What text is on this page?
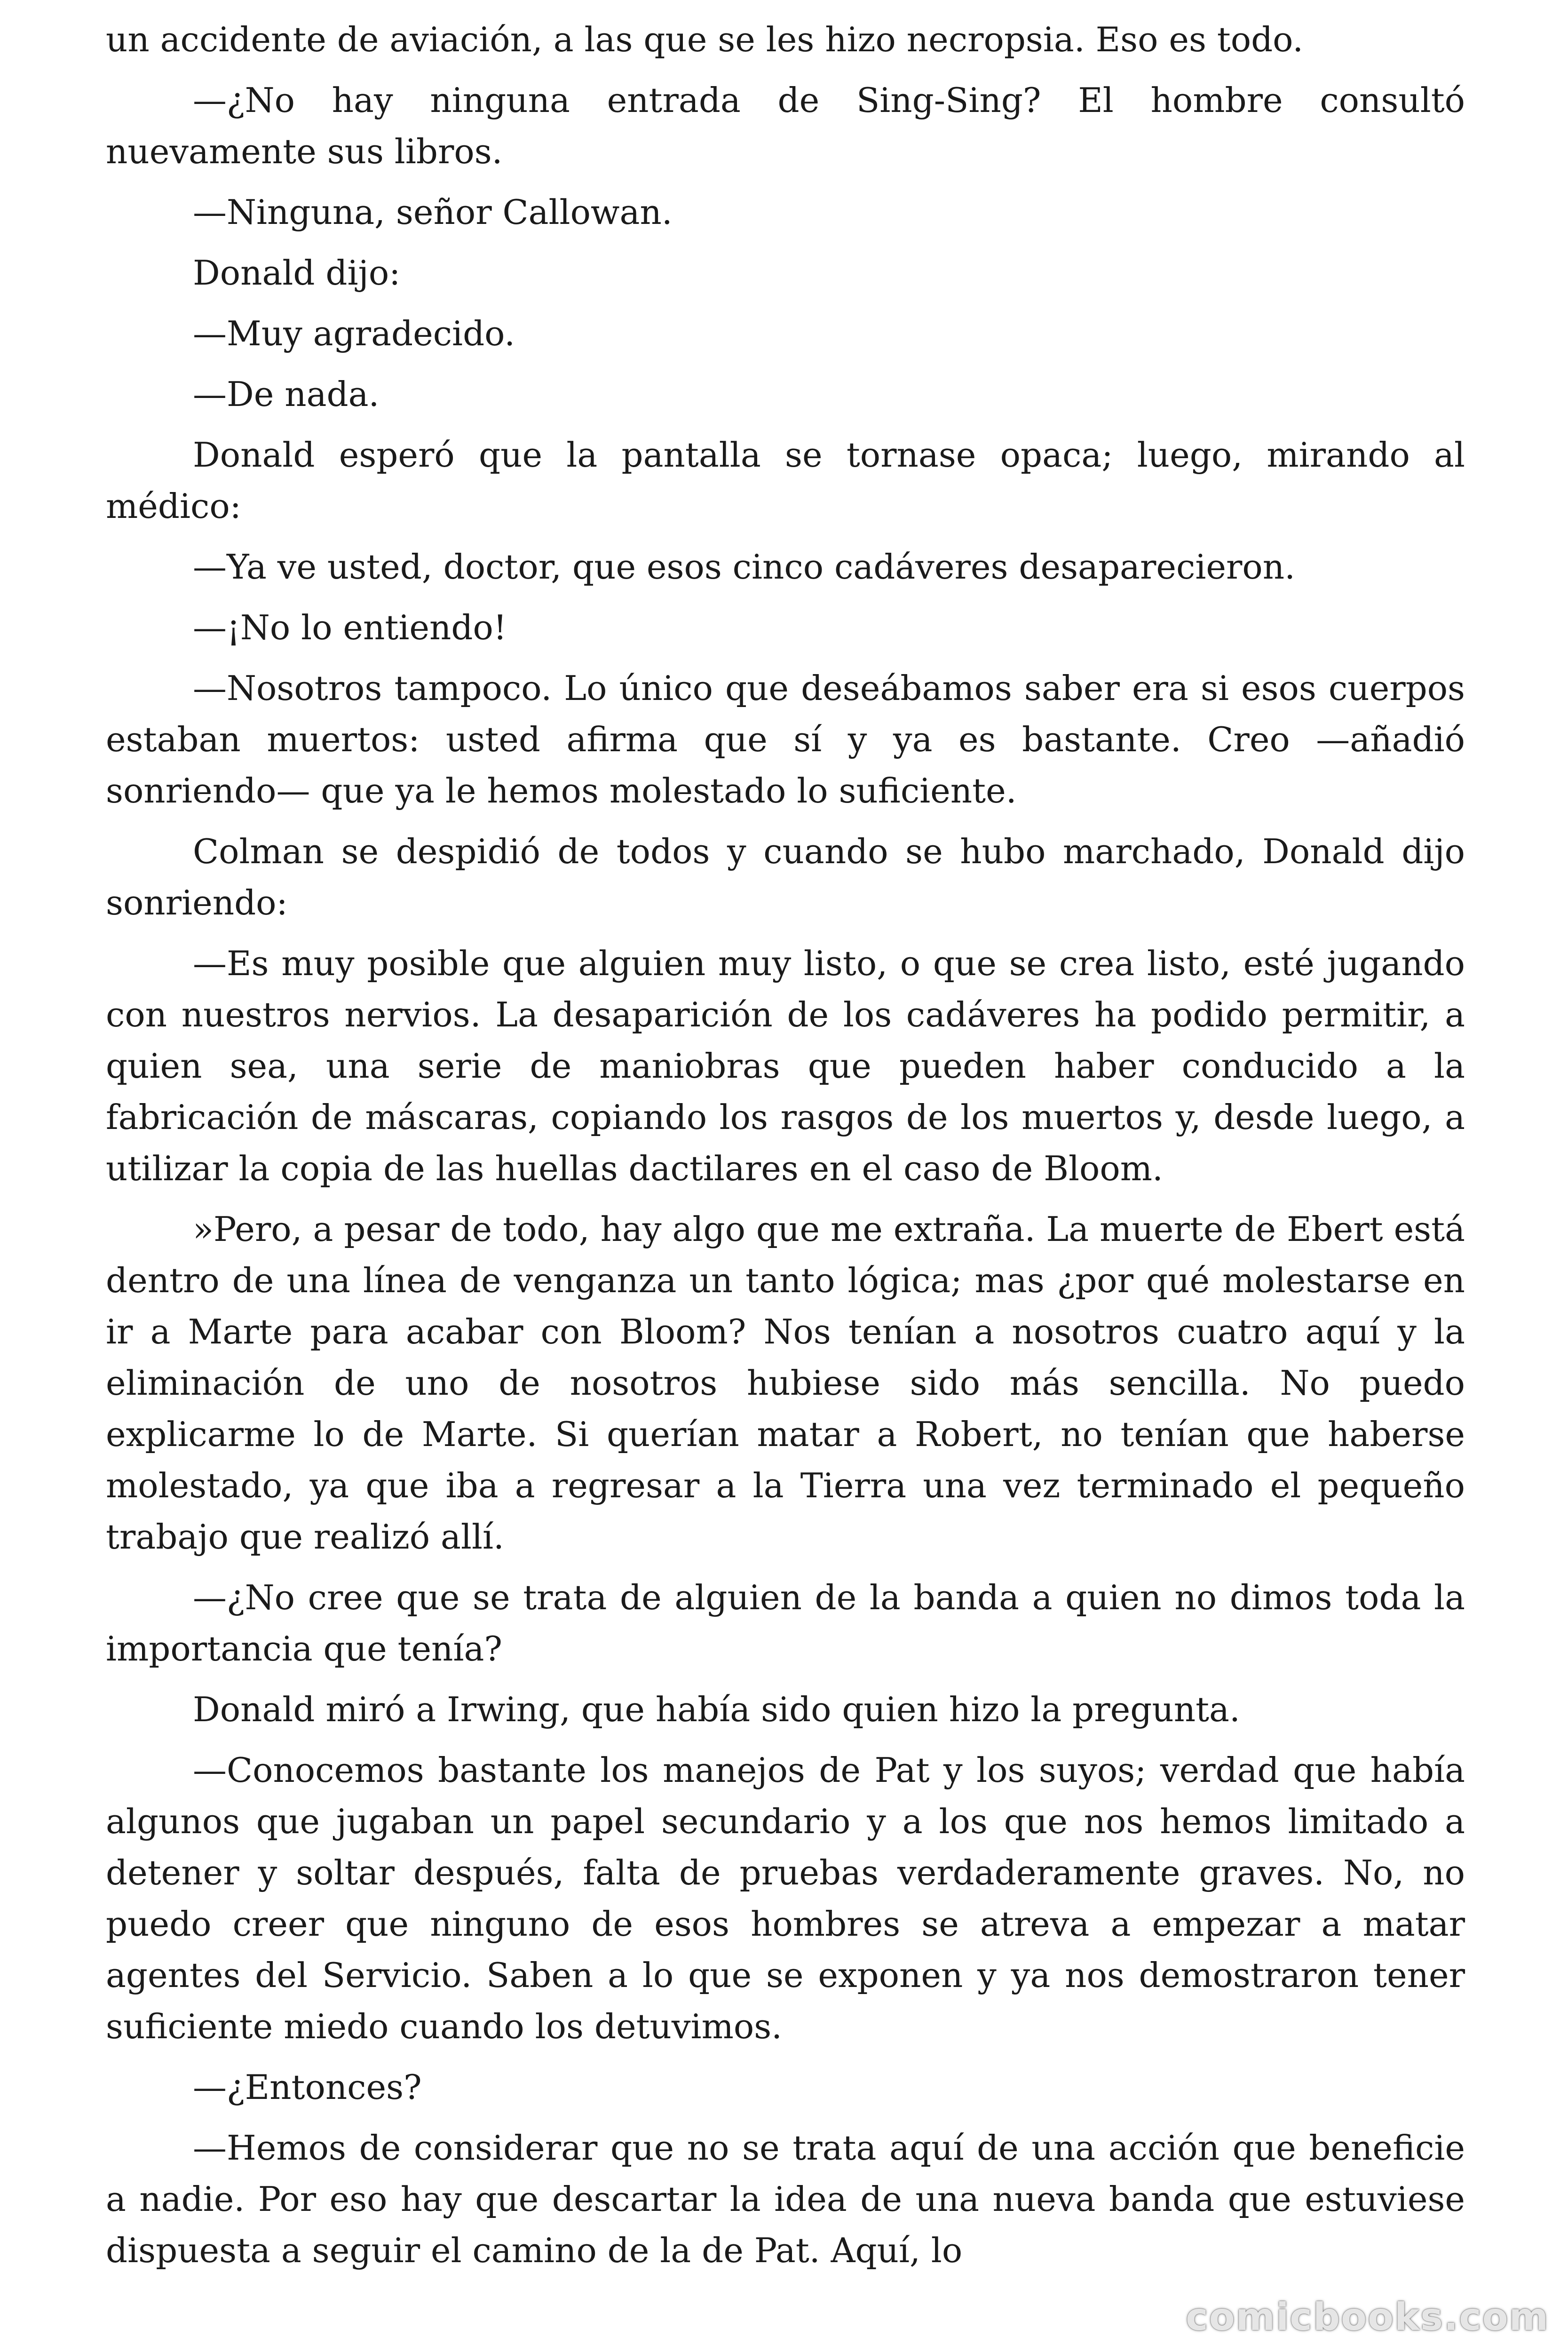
un accidente de aviación, a las que se les hizo necropsia. Eso es todo.

—¿No hay ninguna entrada de Sing-Sing? El hombre consultó nuevamente sus libros.

—Ninguna, señor Callowan.

Donald dijo:

—Muy agradecido.

—De nada.

Donald esperó que la pantalla se tornase opaca; luego, mirando al médico:

—Ya ve usted, doctor, que esos cinco cadáveres desaparecieron.

—¡No lo entiendo!

—Nosotros tampoco. Lo único que deseábamos saber era si esos cuerpos estaban muertos: usted afirma que sí y ya es bastante. Creo —añadió sonriendo— que ya le hemos molestado lo suficiente.

Colman se despidió de todos y cuando se hubo marchado, Donald dijo sonriendo:

—Es muy posible que alguien muy listo, o que se crea listo, esté jugando con nuestros nervios. La desaparición de los cadáveres ha podido permitir, a quien sea, una serie de maniobras que pueden haber conducido a la fabricación de máscaras, copiando los rasgos de los muertos y, desde luego, a utilizar la copia de las huellas dactilares en el caso de Bloom.

»Pero, a pesar de todo, hay algo que me extraña. La muerte de Ebert está dentro de una línea de venganza un tanto lógica; mas ¿por qué molestarse en ir a Marte para acabar con Bloom? Nos tenían a nosotros cuatro aquí y la eliminación de uno de nosotros hubiese sido más sencilla. No puedo explicarme lo de Marte. Si querían matar a Robert, no tenían que haberse molestado, ya que iba a regresar a la Tierra una vez terminado el pequeño trabajo que realizó allí.

—¿No cree que se trata de alguien de la banda a quien no dimos toda la importancia que tenía?

Donald miró a Irwing, que había sido quien hizo la pregunta.

—Conocemos bastante los manejos de Pat y los suyos; verdad que había algunos que jugaban un papel secundario y a los que nos hemos limitado a detener y soltar después, falta de pruebas verdaderamente graves. No, no puedo creer que ninguno de esos hombres se atreva a empezar a matar agentes del Servicio. Saben a lo que se exponen y ya nos demostraron tener suficiente miedo cuando los detuvimos.

—¿Entonces?

—Hemos de considerar que no se trata aquí de una acción que beneficie a nadie. Por eso hay que descartar la idea de una nueva banda que estuviese dispuesta a seguir el camino de la de Pat. Aquí, lo

comicbooks.com
